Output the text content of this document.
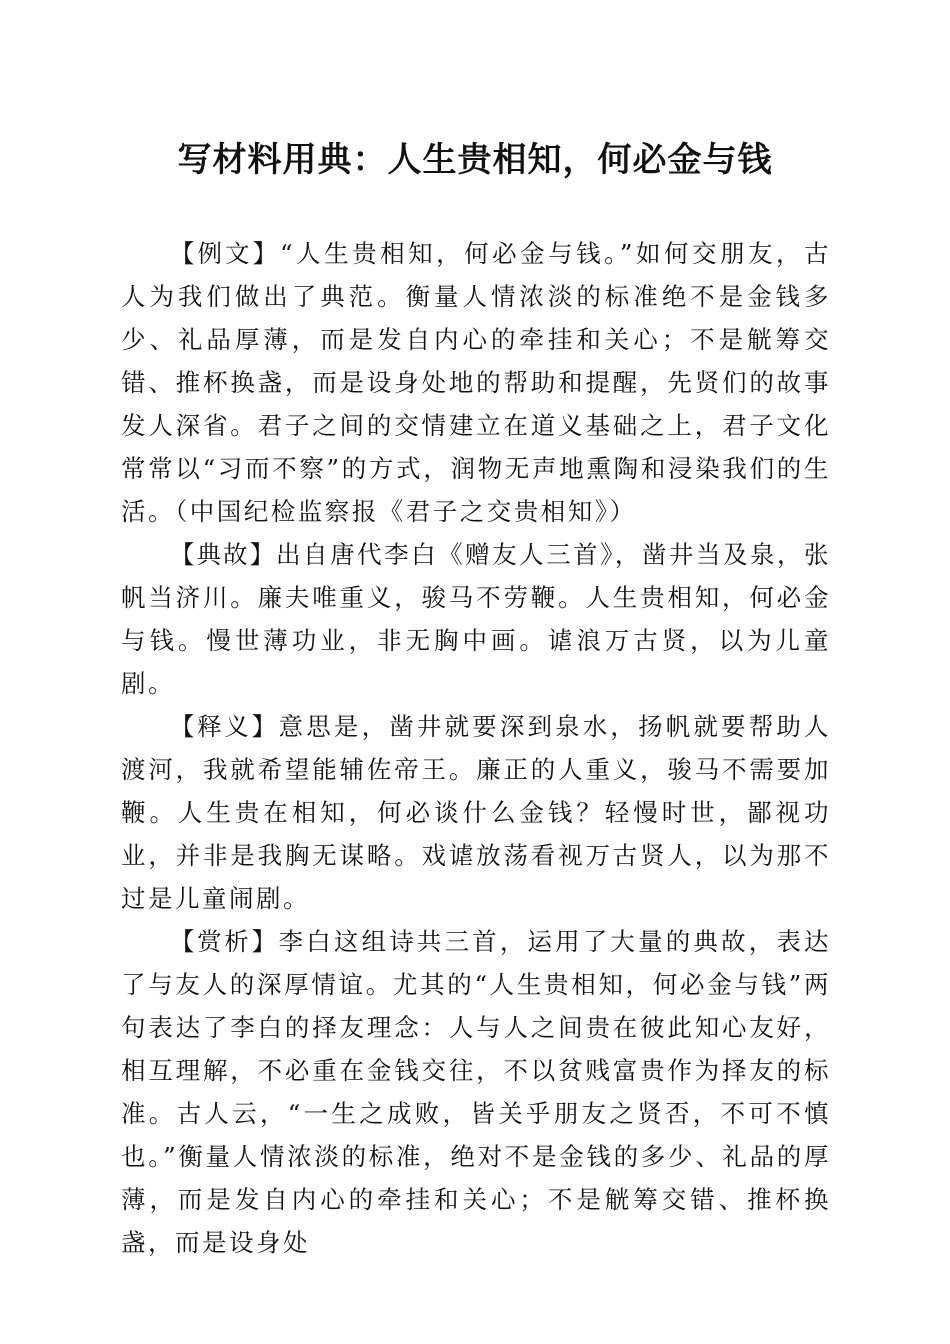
写材料用典：人生贵相知，何必金与钱

【例文】“人生贵相知，何必金与钱。”如何交朋友，古人为我们做出了典范。衡量人情浓淡的标准绝不是金钱多少、礼品厚薄，而是发自内心的牵挂和关心；不是觥筹交错、推杯换盏，而是设身处地的帮助和提醒，先贤们的故事发人深省。君子之间的交情建立在道义基础之上，君子文化常常以“习而不察”的方式，润物无声地熏陶和浸染我们的生活。（中国纪检监察报《君子之交贵相知》）

【典故】出自唐代李白《赠友人三首》，凿井当及泉，张帆当济川。廉夫唯重义，骏马不劳鞭。人生贵相知，何必金与钱。慢世薄功业，非无胸中画。谑浪万古贤，以为儿童剧。

【释义】意思是，凿井就要深到泉水，扬帆就要帮助人渡河，我就希望能辅佐帝王。廉正的人重义，骏马不需要加鞭。人生贵在相知，何必谈什么金钱？轻慢时世，鄙视功业，并非是我胸无谋略。戏谑放荡看视万古贤人，以为那不过是儿童闹剧。

【赏析】李白这组诗共三首，运用了大量的典故，表达了与友人的深厚情谊。尤其的“人生贵相知，何必金与钱”两句表达了李白的择友理念：人与人之间贵在彼此知心友好，相互理解，不必重在金钱交往，不以贫贱富贵作为择友的标准。古人云，“一生之成败，皆关乎朋友之贤否，不可不慎也。”衡量人情浓淡的标准，绝对不是金钱的多少、礼品的厚薄，而是发自内心的牵挂和关心；不是觥筹交错、推杯换盏，而是设身处
